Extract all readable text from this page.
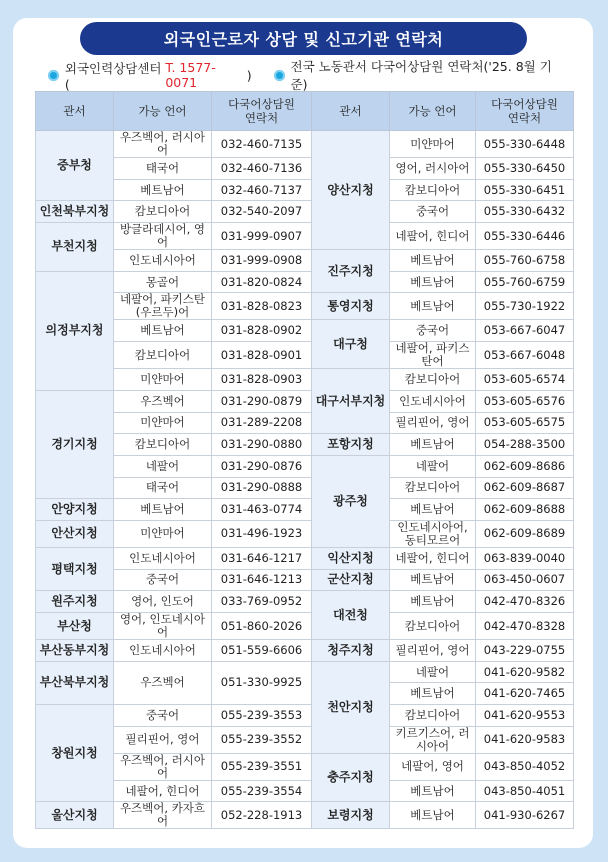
외국인근로자 상담 및 신고기관 연락처
외국인력상담센터(
T. 1577-0071	)
전국 노동관서 다국어상담원 연락처('25. 8월 기준)
관서	가능 언어	다국어상담원
연락처	관서	가능 언어	다국어상담원
연락처
중부청	우즈벡어, 러시아어	032-460-7135	양산지청	미얀마어	055-330-6448
	태국어	032-460-7136		영어, 러시아어	055-330-6450
	베트남어	032-460-7137		캄보디아어	055-330-6451
인천북부지청	캄보디아어	032-540-2097		중국어	055-330-6432
부천지청	방글라데시어, 영어	031-999-0907		네팔어, 힌디어	055-330-6446
	인도네시아어	031-999-0908	진주지청	베트남어	055-760-6758
의정부지청	몽골어	031-820-0824		베트남어	055-760-6759
	네팔어, 파키스탄 (우르두)어	031-828-0823	통영지청	베트남어	055-730-1922

	베트남어	031-828-0902	대구청	중국어	053-667-6047
	캄보디아어	031-828-0901		네팔어, 파키스탄어	053-667-6048

	미얀마어	031-828-0903	대구서부지청	캄보디아어	053-605-6574
경기지청	우즈벡어	031-290-0879		인도네시아어	053-605-6576
	미얀마어	031-289-2208		필리핀어, 영어	053-605-6575
	캄보디아어	031-290-0880	포항지청	베트남어	054-288-3500
	네팔어	031-290-0876	광주청	네팔어	062-609-8686
	태국어	031-290-0888		캄보디아어	062-609-8687
안양지청	베트남어	031-463-0774		베트남어	062-609-8688
안산지청	미얀마어	031-496-1923		인도네시아어, 동티모르어	062-609-8689

평택지청	인도네시아어	031-646-1217	익산지청	네팔어, 힌디어	063-839-0040
	중국어	031-646-1213	군산지청	베트남어	063-450-0607
원주지청	영어, 인도어	033-769-0952	대전청	베트남어	042-470-8326
부산청	영어, 인도네시아어	051-860-2026		캄보디아어	042-470-8328
부산동부지청	인도네시아어	051-559-6606	청주지청	필리핀어, 영어	043-229-0755
부산북부지청	우즈벡어	051-330-9925	천안지청	네팔어	041-620-9582
				베트남어	041-620-7465
창원지청	중국어	055-239-3553		캄보디아어	041-620-9553
	필리핀어, 영어	055-239-3552		키르기스어, 러시아어	041-620-9583

	우즈벡어, 러시아어	055-239-3551	충주지청	네팔어, 영어	043-850-4052
	네팔어, 힌디어	055-239-3554		베트남어	043-850-4051
울산지청	우즈벡어, 카자흐어	052-228-1913	보령지청	베트남어	041-930-6267
